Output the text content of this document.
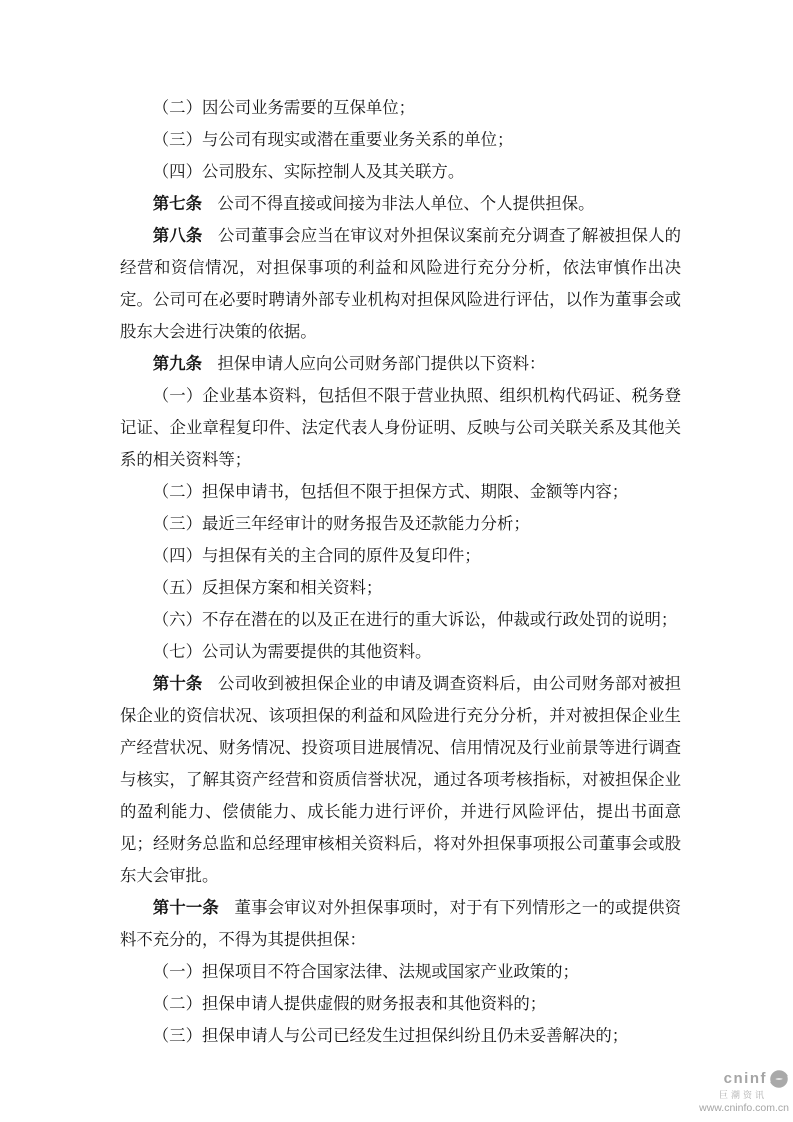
（二）因公司业务需要的互保单位；

（三）与公司有现实或潜在重要业务关系的单位；

（四）公司股东、实际控制人及其关联方。

第七条 公司不得直接或间接为非法人单位、个人提供担保。

第八条 公司董事会应当在审议对外担保议案前充分调查了解被担保人的经营和资信情况，对担保事项的利益和风险进行充分分析，依法审慎作出决定。公司可在必要时聘请外部专业机构对担保风险进行评估，以作为董事会或股东大会进行决策的依据。

第九条 担保申请人应向公司财务部门提供以下资料：

（一）企业基本资料，包括但不限于营业执照、组织机构代码证、税务登记证、企业章程复印件、法定代表人身份证明、反映与公司关联关系及其他关系的相关资料等；

（二）担保申请书，包括但不限于担保方式、期限、金额等内容；

（三）最近三年经审计的财务报告及还款能力分析；

（四）与担保有关的主合同的原件及复印件；

（五）反担保方案和相关资料；

（六）不存在潜在的以及正在进行的重大诉讼，仲裁或行政处罚的说明；

（七）公司认为需要提供的其他资料。

第十条 公司收到被担保企业的申请及调查资料后，由公司财务部对被担保企业的资信状况、该项担保的利益和风险进行充分分析，并对被担保企业生产经营状况、财务情况、投资项目进展情况、信用情况及行业前景等进行调查与核实，了解其资产经营和资质信誉状况，通过各项考核指标，对被担保企业的盈利能力、偿债能力、成长能力进行评价，并进行风险评估，提出书面意见；经财务总监和总经理审核相关资料后，将对外担保事项报公司董事会或股东大会审批。

第十一条 董事会审议对外担保事项时，对于有下列情形之一的或提供资料不充分的，不得为其提供担保：

（一）担保项目不符合国家法律、法规或国家产业政策的；

（二）担保申请人提供虚假的财务报表和其他资料的；

（三）担保申请人与公司已经发生过担保纠纷且仍未妥善解决的；

cninf
巨潮资讯
www.cninfo.com.cn
